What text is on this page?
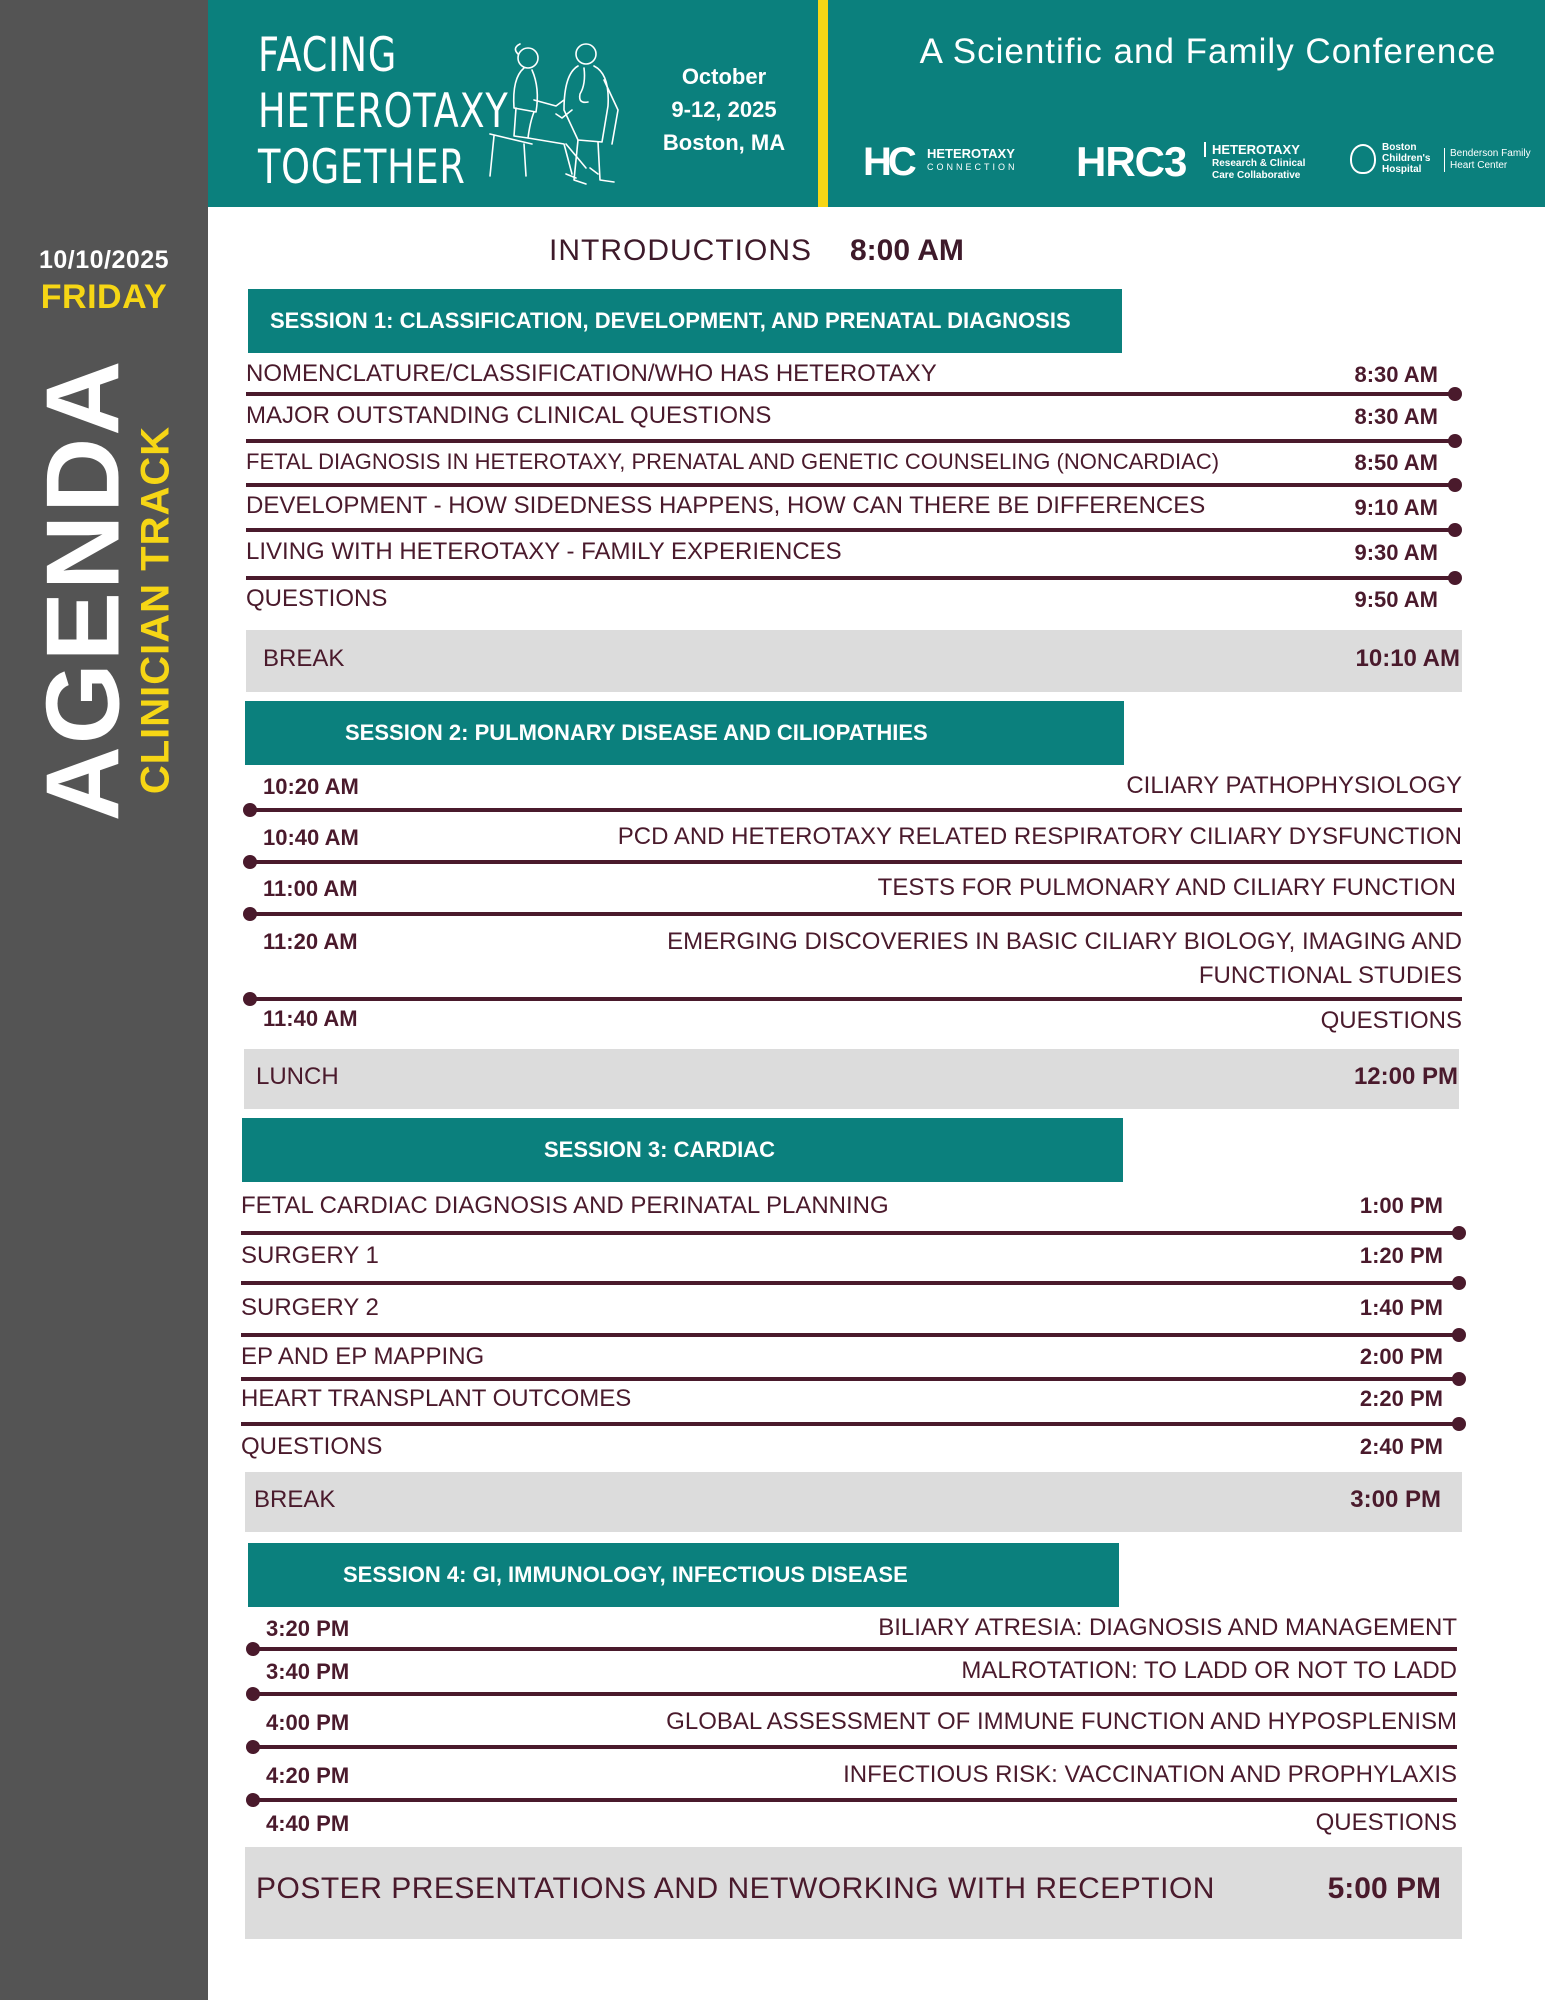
10/10/2025
FRIDAY
AGENDA
CLINICIAN TRACK
FACING
HETEROTAXY
TOGETHER
October
9-12, 2025
Boston, MA
A Scientific and Family Conference
HC HETEROTAXY
CONNECTION HRC3	HETEROTAXY
Research & Clinical
Care Collaborative
Boston
Children's
Hospital
Benderson Family
Heart Center
INTRODUCTIONS 8:00 AM
SESSION 1: CLASSIFICATION, DEVELOPMENT, AND PRENATAL DIAGNOSIS
NOMENCLATURE/CLASSIFICATION/WHO HAS HETEROTAXY	8:30 AM
MAJOR OUTSTANDING CLINICAL QUESTIONS	8:30 AM
FETAL DIAGNOSIS IN HETEROTAXY, PRENATAL AND GENETIC COUNSELING (NONCARDIAC)	8:50 AM
DEVELOPMENT - HOW SIDEDNESS HAPPENS, HOW CAN THERE BE DIFFERENCES	9:10 AM
LIVING WITH HETEROTAXY - FAMILY EXPERIENCES	9:30 AM
QUESTIONS	9:50 AM
BREAK	10:10 AM
SESSION 2: PULMONARY DISEASE AND CILIOPATHIES
10:20 AM	CILIARY PATHOPHYSIOLOGY
10:40 AM	PCD AND HETEROTAXY RELATED RESPIRATORY CILIARY DYSFUNCTION
11:00 AM	TESTS FOR PULMONARY AND CILIARY FUNCTION
11:20 AM	EMERGING DISCOVERIES IN BASIC CILIARY BIOLOGY, IMAGING AND
FUNCTIONAL STUDIES
11:40 AM	QUESTIONS
LUNCH	12:00 PM
SESSION 3: CARDIAC
FETAL CARDIAC DIAGNOSIS AND PERINATAL PLANNING	1:00 PM
SURGERY 1	1:20 PM
SURGERY 2	1:40 PM
EP AND EP MAPPING	2:00 PM
HEART TRANSPLANT OUTCOMES	2:20 PM
QUESTIONS	2:40 PM
BREAK	3:00 PM
SESSION 4: GI, IMMUNOLOGY, INFECTIOUS DISEASE
3:20 PM	BILIARY ATRESIA: DIAGNOSIS AND MANAGEMENT
3:40 PM	MALROTATION: TO LADD OR NOT TO LADD
4:00 PM	GLOBAL ASSESSMENT OF IMMUNE FUNCTION AND HYPOSPLENISM
4:20 PM	INFECTIOUS RISK: VACCINATION AND PROPHYLAXIS
4:40 PM	QUESTIONS
POSTER PRESENTATIONS AND NETWORKING WITH RECEPTION	5:00 PM
